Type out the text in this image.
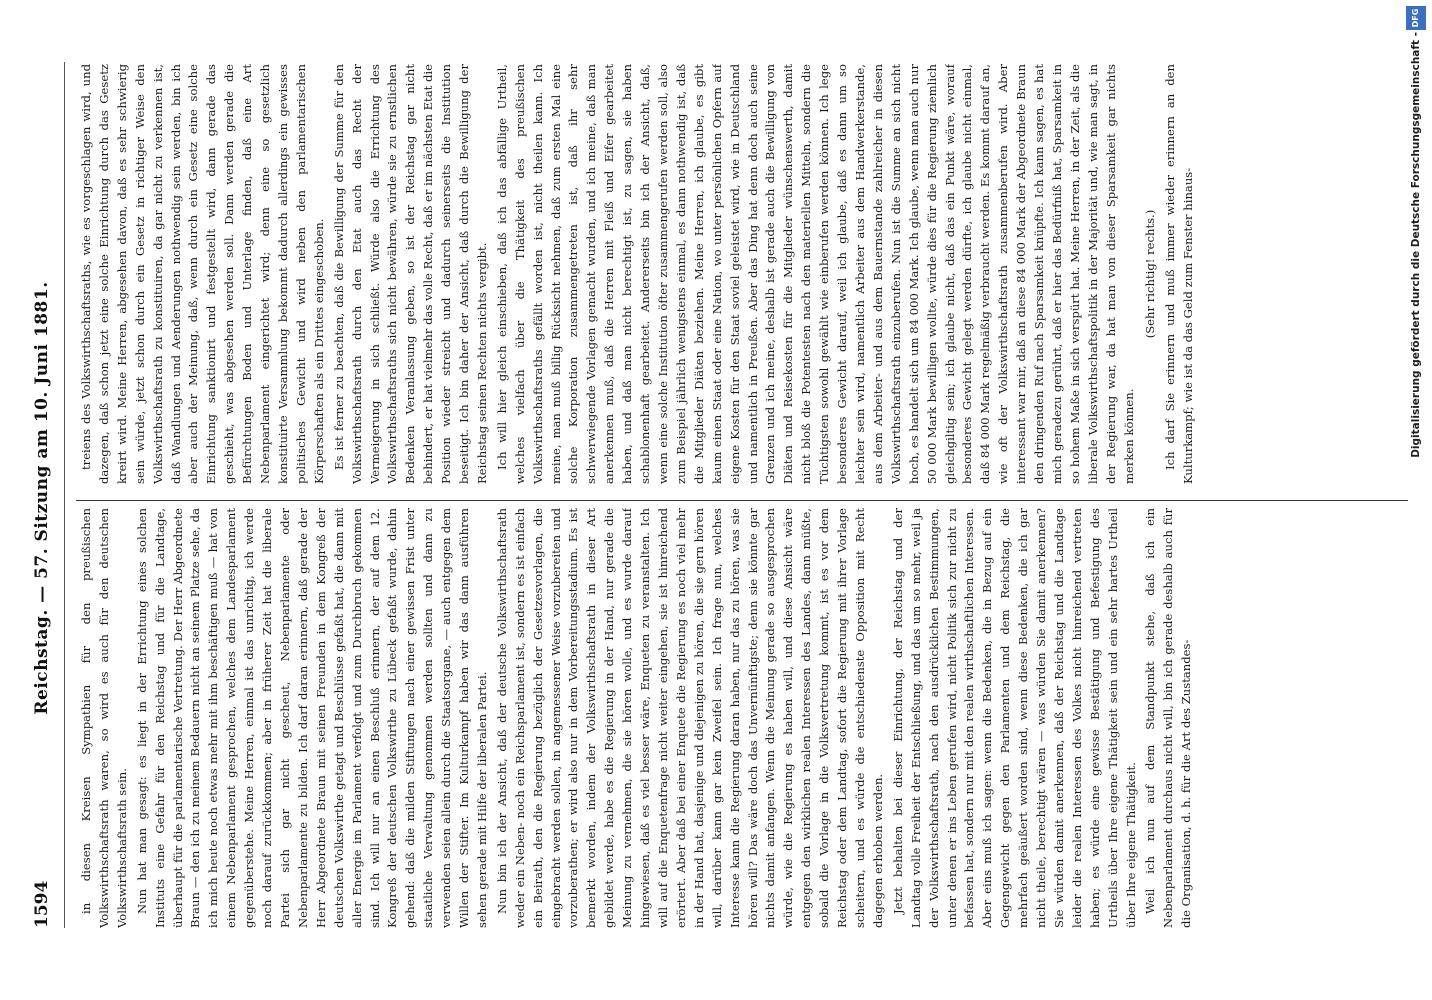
1594
Reichstag. — 57. Sitzung am 10. Juni 1881. in diesen Kreisen Sympathien für den preußischen Volkswirthschaftsrath waren, so wird es auch für den deutschen Volkswirthschaftsrath sein. Nun hat man gesagt: es liegt in der Errichtung eines solchen Instituts eine Gefahr für den Reichstag und für die Landtage, überhaupt für die parlamentarische Vertretung. Der Herr Abgeordnete Braun — den ich zu meinem Bedauern nicht an seinem Platze sehe, da ich mich heute noch etwas mehr mit ihm beschäftigen muß — hat von einem Nebenparlament gesprochen, welches dem Landesparlament gegenüberstehe. Meine Herren, einmal ist das unrichtig, ich werde noch darauf zurückkommen; aber in früherer Zeit hat die liberale Partei sich gar nicht gescheut, Nebenparlamente oder Nebenparlamente zu bilden. Ich darf daran erinnern, daß gerade der Herr Abgeordnete Braun mit seinen Freunden in dem Kongreß der deutschen Volkswirthe getagt und Beschlüsse gefaßt hat, die dann mit aller Energie im Parlament verfolgt und zum Durchbruch gekommen sind. Ich will nur an einen Beschluß erinnern, der auf dem 12. Kongreß der deutschen Volkswirthe zu Lübeck gefaßt wurde, dahin gehend: daß die milden Stiftungen nach einer gewissen Frist unter staatliche Verwaltung genommen werden sollten und dann zu verwenden seien allein durch die Staatsorgane, — auch entgegen dem Willen der Stifter. Im Kulturkampf haben wir das dann ausführen sehen gerade mit Hilfe der liberalen Partei. Nun bin ich der Ansicht, daß der deutsche Volkswirthschaftsrath weder ein Neben- noch ein Reichsparlament ist, sondern es ist einfach ein Beirath, den die Regierung bezüglich der Gesetzesvorlagen, die eingebracht werden sollen, in angemessener Weise vorzubereiten und vorzuberathen; er wird also nur in dem Vorbereitungsstadium. Es ist bemerkt worden, indem der Volkswirthschaftsrath in dieser Art gebildet werde, habe es die Regierung in der Hand, nur gerade die Meinung zu vernehmen, die sie hören wolle, und es wurde darauf hingewiesen, daß es viel besser wäre, Enqueten zu veranstalten. Ich will auf die Enquetenfrage nicht weiter eingehen, sie ist hinreichend erörtert. Aber daß bei einer Enquete die Regierung es noch viel mehr in der Hand hat, dasjenige und diejenigen zu hören, die sie gern hören will, darüber kann gar kein Zweifel sein. Ich frage nun, welches Interesse kann die Regierung daran haben, nur das zu hören, was sie hören will? Das wäre doch das Unvernünftigste; denn sie könnte gar nichts damit anfangen. Wenn die Meinung gerade so ausgesprochen würde, wie die Regierung es haben will, und diese Ansicht wäre entgegen den wirklichen realen Interessen des Landes, dann müßte, sobald die Vorlage in die Volksvertretung kommt, ist es vor dem Reichstag oder dem Landtag, sofort die Regierung mit ihrer Vorlage scheitern, und es würde die entschiedenste Opposition mit Recht dagegen erhoben werden. Jetzt behalten bei dieser Einrichtung, der Reichstag und der Landtag volle Freiheit der Entschließung, und das um so mehr, weil ja der Volkswirthschaftsrath, nach den ausdrücklichen Bestimmungen, unter denen er ins Leben gerufen wird, nicht Politik sich zur nicht zu befassen hat, sondern nur mit den realen wirthschaftlichen Interessen. Aber eins muß ich sagen: wenn die Bedenken, die in Bezug auf ein Gegengewicht gegen den Parlamenten und dem Reichstag, die mehrfach geäußert worden sind, wenn diese Bedenken, die ich gar nicht theile, berechtigt wären — was würden Sie damit anerkennen? Sie würden damit anerkennen, daß der Reichstag und die Landtage leider die realen Interessen des Volkes nicht hinreichend vertreten haben; es würde eine gewisse Bestätigung und Befestigung des Urtheils über Ihre eigene Thätigkeit sein und ein sehr hartes Urtheil über Ihre eigene Thätigkeit. Weil ich nun auf dem Standpunkt stehe, daß ich ein Nebenparlament durchaus nicht will, bin ich gerade deshalb auch für die Organisation, d. h. für die Art des Zustandes-

treiens des Volkswirthschaftsraths, wie es vorgeschlagen wird, und dazegen, daß schon jetzt eine solche Einrichtung durch das Gesetz kreirt wird. Meine Herren, abgesehen davon, daß es sehr schwierig sein würde, jetzt schon durch ein Gesetz in richtiger Weise den Volkswirthschaftsrath zu konstituiren, da gar nicht zu verkennen ist, daß Wandlungen und Aenderungen nothwendig sein werden, bin ich aber auch der Meinung, daß, wenn durch ein Gesetz eine solche Einrichtung sanktionirt und festgestellt wird, dann gerade das geschieht, was abgesehen werden soll. Dann werden gerade die Befürchtungen Boden und Unterlage finden, daß eine Art Nebenparlament eingerichtet wird; denn eine so gesetzlich konstituirte Versammlung bekommt dadurch allerdings ein gewisses politisches Gewicht und wird neben den parlamentarischen Körperschaften als ein Drittes eingeschoben. Es ist ferner zu beachten, daß die Bewilligung der Summe für den Volkswirthschaftsrath durch den Etat auch das Recht der Vermeigerung in sich schließt. Würde also die Errichtung des Volkswirthschaftsraths sich nicht bewähren, würde sie zu ernstlichen Bedenken Veranlassung geben, so ist der Reichstag gar nicht behindert, er hat vielmehr das volle Recht, daß er im nächsten Etat die Position wieder streicht und dadurch seinerseits die Institution beseitigt. Ich bin daher der Ansicht, daß durch die Bewilligung der Reichstag seinen Rechten nichts vergibt. Ich will hier gleich einschieben, daß ich das abfällige Urtheil, welches vielfach über die Thätigkeit des preußischen Volkswirthschaftsraths gefällt worden ist, nicht theilen kann. Ich meine, man muß billig Rücksicht nehmen, daß zum ersten Mal eine solche Korporation zusammengetreten ist, daß ihr sehr schwerwiegende Vorlagen gemacht wurden, und ich meine, daß man anerkennen muß, daß die Herren mit Fleiß und Eifer gearbeitet haben, und daß man nicht berechtigt ist, zu sagen, sie haben schablonenhaft gearbeitet. Andererseits bin ich der Ansicht, daß, wenn eine solche Institution öfter zusammengerufen werden soll, also zum Beispiel jährlich wenigstens einmal, es dann nothwendig ist, daß die Mitglieder Diäten beziehen. Meine Herren, ich glaube, es gibt kaum einen Staat oder eine Nation, wo unter persönlichen Opfern auf eigene Kosten für den Staat soviel geleistet wird, wie in Deutschland und namentlich in Preußen. Aber das Ding hat denn doch auch seine Grenzen und ich meine, deshalb ist gerade auch die Bewilligung von Diäten und Reisekosten für die Mitglieder wünschenswerth, damit nicht bloß die Potentesten nach den materiellen Mitteln, sondern die Tüchtigsten sowohl gewählt wie einberufen werden können. Ich lege besonderes Gewicht darauf, weil ich glaube, daß es dann um so leichter sein wird, namentlich Arbeiter aus dem Handwerkerstande, aus dem Arbeiter- und aus dem Bauernstande zahlreicher in diesen Volkswirthschaftsrath einzuberufen. Nun ist die Summe an sich nicht hoch, es handelt sich um 84 000 Mark. Ich glaube, wenn man auch nur 50 000 Mark bewilligen wollte, würde dies für die Regierung ziemlich gleichgiltig sein; ich glaube nicht, daß das ein Punkt wäre, worauf besonderes Gewicht gelegt werden dürfte, ich glaube nicht einmal, daß 84 000 Mark regelmäßig verbraucht werden. Es kommt darauf an, wie oft der Volkswirthschaftsrath zusammenberufen wird. Aber interessant war mir, daß an diese 84 000 Mark der Abgeordnete Braun den dringenden Ruf nach Sparsamkeit knüpfte. Ich kann sagen, es hat mich geradezu gerührt, daß er hier das Bedürfniß hat, Sparsamkeit in so hohem Maße in sich verspürt hat. Meine Herren, in der Zeit, als die liberale Volkswirthschaftspolitik in der Majorität und, wie man sagt, in der Regierung war, da hat man von dieser Sparsamkeit gar nichts merken können.

(Sehr richtig! rechts.) Ich darf Sie erinnern und muß immer wieder erinnern an den Kulturkampf; wie ist da das Geld zum Fenster hinaus-	Digitalisierung gefördert durch die Deutsche Forschungsgemeinschaft -
DFG
